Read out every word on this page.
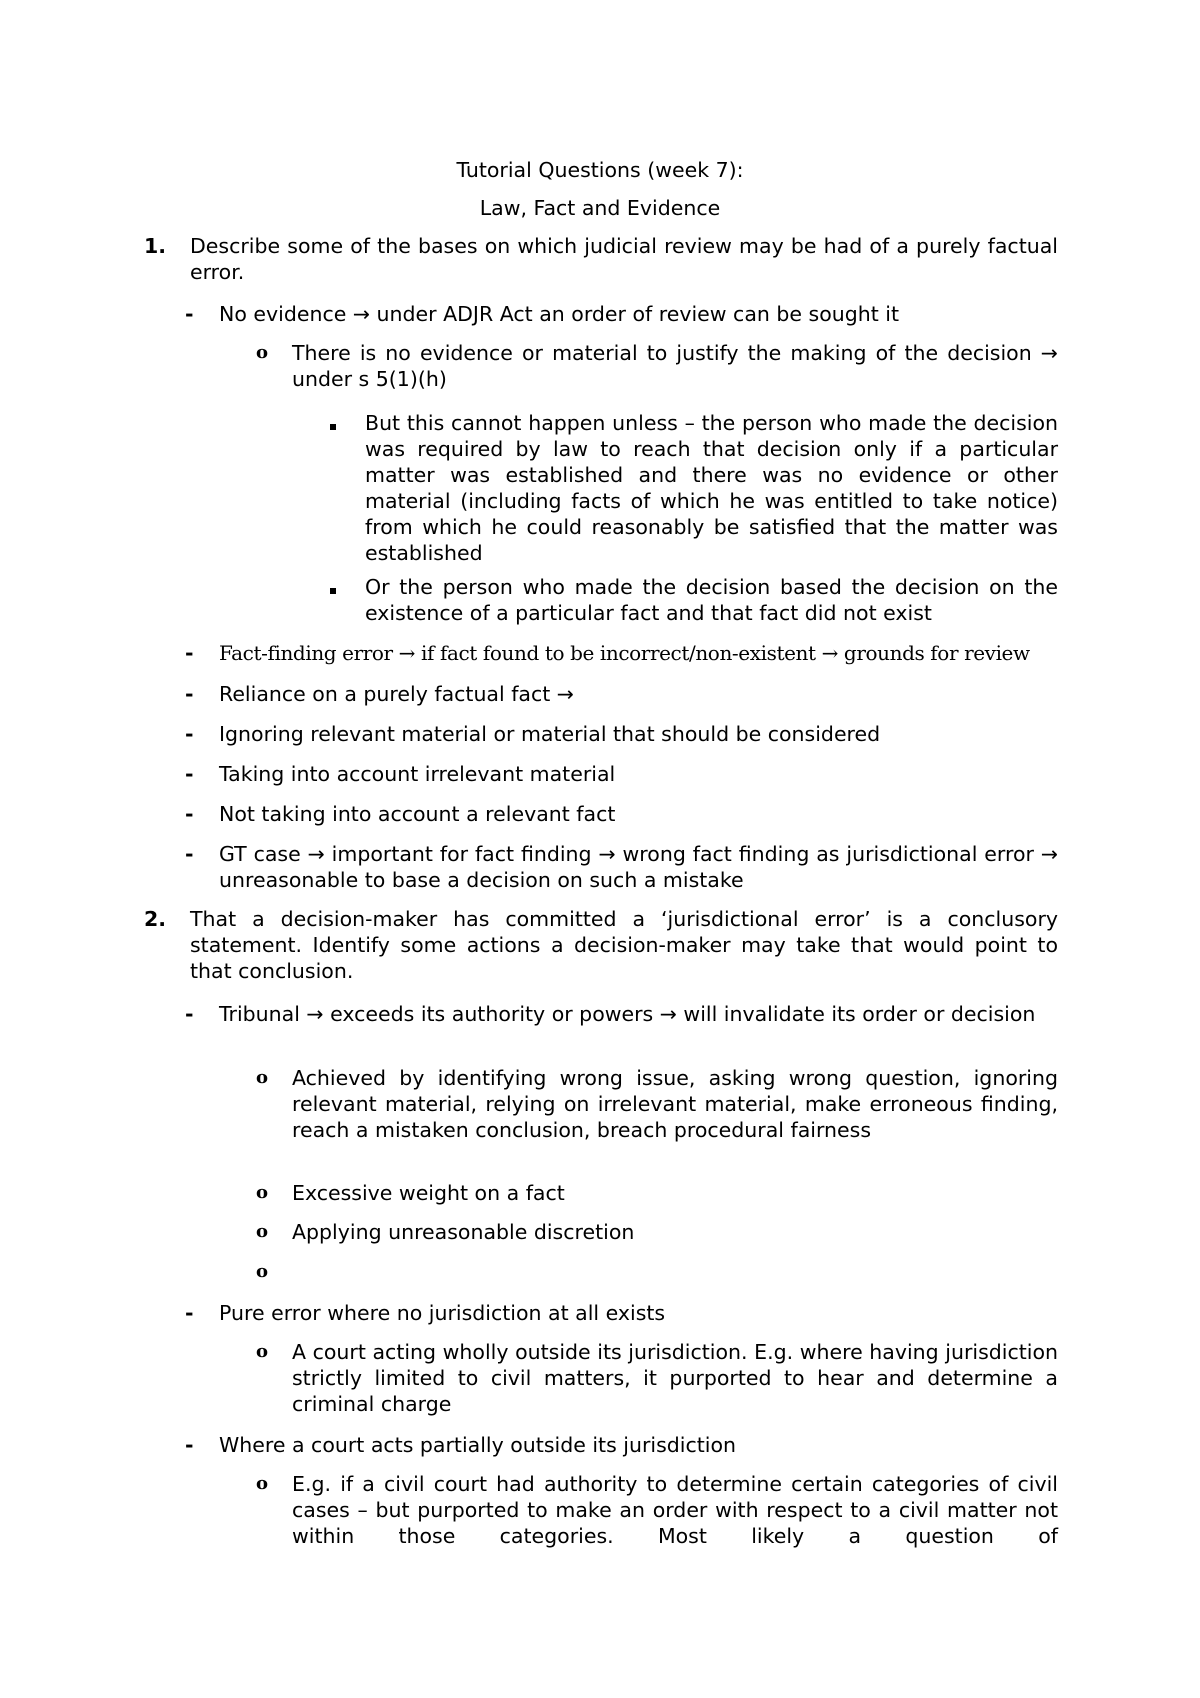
Tutorial Questions (week 7):
Law, Fact and Evidence
1. Describe some of the bases on which judicial review may be had of a purely factual error.
- No evidence → under ADJR Act an order of review can be sought it
o There is no evidence or material to justify the making of the decision → under s 5(1)(h)
But this cannot happen unless – the person who made the decision was required by law to reach that decision only if a particular matter was established and there was no evidence or other material (including facts of which he was entitled to take notice) from which he could reasonably be satisfied that the matter was established
Or the person who made the decision based the decision on the existence of a particular fact and that fact did not exist
- Fact-finding error → if fact found to be incorrect/non-existent → grounds for review
- Reliance on a purely factual fact →
- Ignoring relevant material or material that should be considered
- Taking into account irrelevant material
- Not taking into account a relevant fact
- GT case → important for fact finding → wrong fact finding as jurisdictional error → unreasonable to base a decision on such a mistake
2. That a decision-maker has committed a ‘jurisdictional error’ is a conclusory statement. Identify some actions a decision-maker may take that would point to that conclusion.
- Tribunal → exceeds its authority or powers → will invalidate its order or decision
o Achieved by identifying wrong issue, asking wrong question, ignoring relevant material, relying on irrelevant material, make erroneous finding, reach a mistaken conclusion, breach procedural fairness
o Excessive weight on a fact
o Applying unreasonable discretion
o
- Pure error where no jurisdiction at all exists
o A court acting wholly outside its jurisdiction. E.g. where having jurisdiction strictly limited to civil matters, it purported to hear and determine a criminal charge
- Where a court acts partially outside its jurisdiction
o E.g. if a civil court had authority to determine certain categories of civil cases – but purported to make an order with respect to a civil matter not within those categories. Most likely a question of
